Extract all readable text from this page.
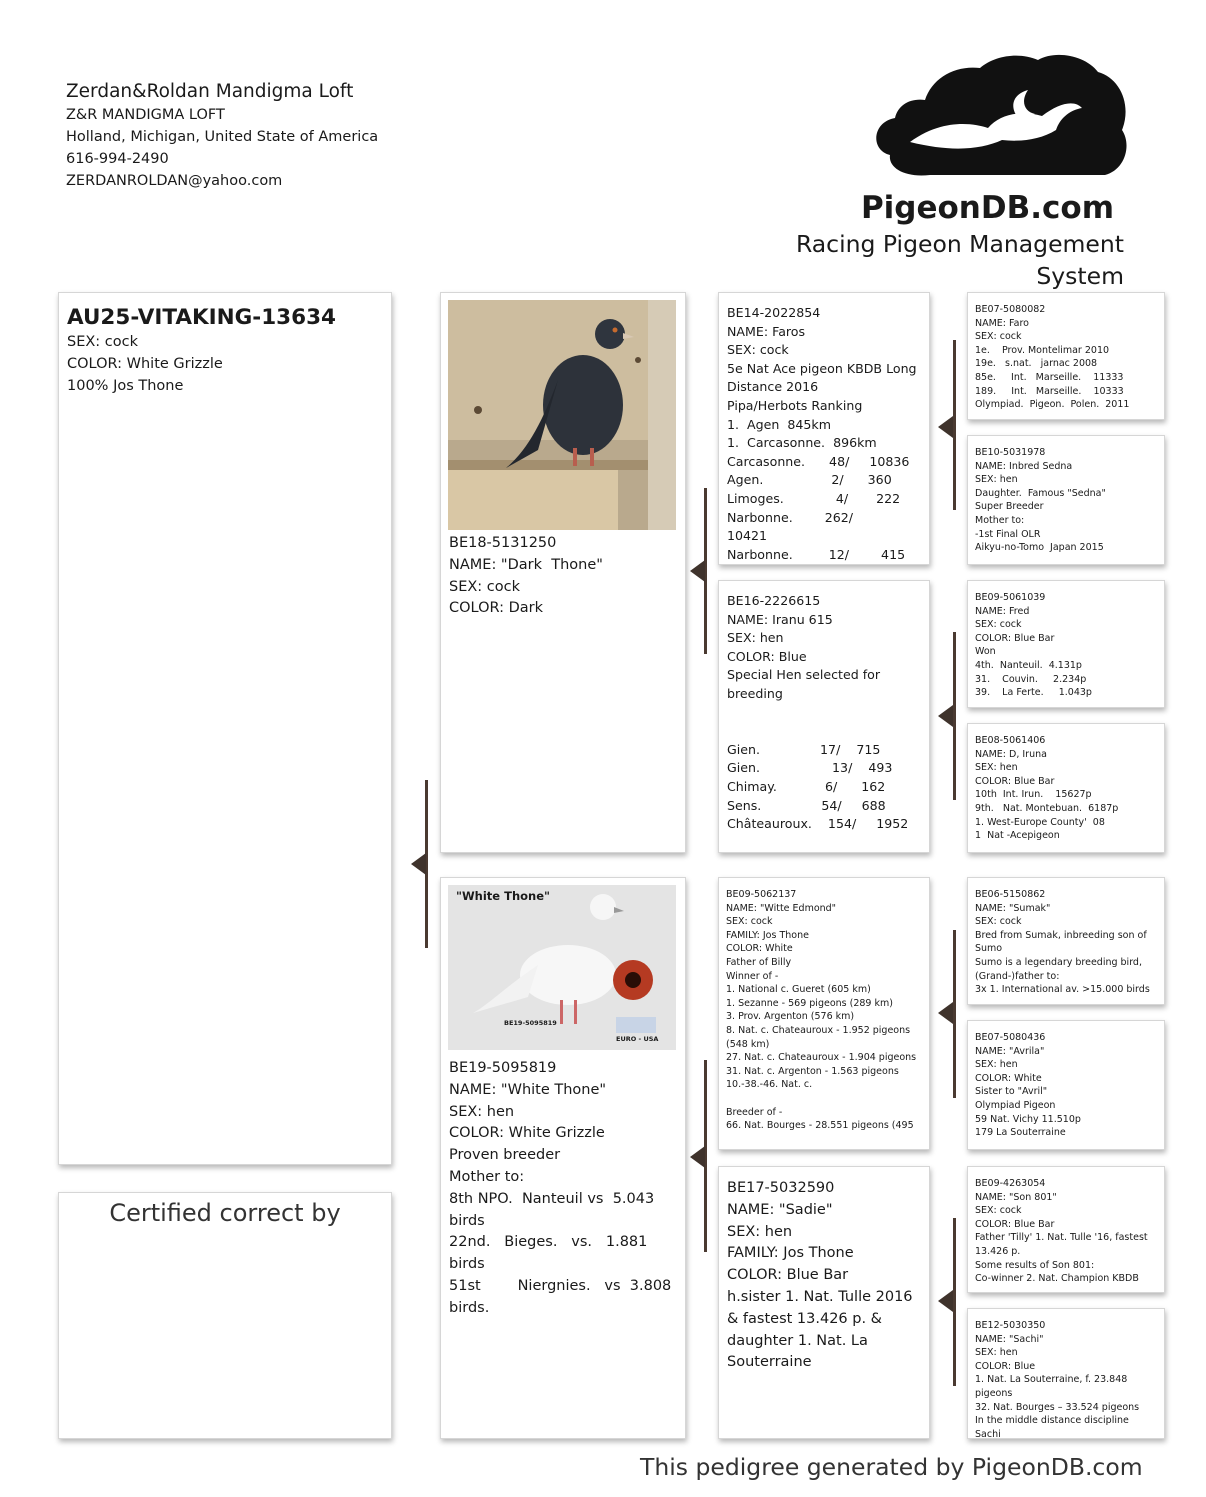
Zerdan&Roldan Mandigma Loft
Z&R MANDIGMA LOFT
Holland, Michigan, United State of America
616-994-2490
ZERDANROLDAN@yahoo.com
PigeonDB.com
Racing Pigeon Management System
AU25-VITAKING-13634
SEX: cock
COLOR: White Grizzle
100% Jos Thone
Certified correct by
BE18-5131250
NAME: "Dark  Thone"
SEX: cock
COLOR: Dark
"White Thone"
BE19-5095819
EURO - USA
BE19-5095819
NAME: "White Thone"
SEX: hen
COLOR: White Grizzle
Proven breeder
Mother to:
8th NPO.  Nanteuil vs  5.043
birds
22nd.   Bieges.   vs.   1.881
birds
51st        Niergnies.   vs  3.808
birds.
BE14-2022854
NAME: Faros
SEX: cock
5e Nat Ace pigeon KBDB Long
Distance 2016
Pipa/Herbots Ranking
1.  Agen  845km
1.  Carcasonne.  896km
Carcasonne.      48/     10836
Agen.                 2/      360
Limoges.             4/       222
Narbonne.        262/
10421
Narbonne.         12/        415
BE16-2226615
NAME: Iranu 615
SEX: hen
COLOR: Blue
Special Hen selected for
breeding

Gien.               17/    715
Gien.                  13/    493
Chimay.            6/      162
Sens.               54/     688
Châteauroux.    154/     1952
BE09-5062137
NAME: "Witte Edmond"
SEX: cock
FAMILY: Jos Thone
COLOR: White
Father of Billy
Winner of -
1. National c. Gueret (605 km)
1. Sezanne - 569 pigeons (289 km)
3. Prov. Argenton (576 km)
8. Nat. c. Chateauroux - 1.952 pigeons
(548 km)
27. Nat. c. Chateauroux - 1.904 pigeons
31. Nat. c. Argenton - 1.563 pigeons
10.-38.-46. Nat. c.

Breeder of -
66. Nat. Bourges - 28.551 pigeons (495
BE17-5032590
NAME: "Sadie"
SEX: hen
FAMILY: Jos Thone
COLOR: Blue Bar
h.sister 1. Nat. Tulle 2016
& fastest 13.426 p. &
daughter 1. Nat. La
Souterraine
BE07-5080082
NAME: Faro
SEX: cock
1e.    Prov. Montelimar 2010
19e.   s.nat.   jarnac 2008
85e.     Int.   Marseille.    11333
189.     Int.   Marseille.    10333
Olympiad.  Pigeon.  Polen.  2011
BE10-5031978
NAME: Inbred Sedna
SEX: hen
Daughter.  Famous "Sedna"
Super Breeder
Mother to:
-1st Final OLR
Aikyu-no-Tomo  Japan 2015
BE09-5061039
NAME: Fred
SEX: cock
COLOR: Blue Bar
Won
4th.  Nanteuil.  4.131p
31.    Couvin.     2.234p
39.    La Ferte.     1.043p
BE08-5061406
NAME: D, Iruna
SEX: hen
COLOR: Blue Bar
10th  Int. Irun.    15627p
9th.   Nat. Montebuan.  6187p
1. West-Europe County'  08
1  Nat -Acepigeon
BE06-5150862
NAME: "Sumak"
SEX: cock
Bred from Sumak, inbreeding son of
Sumo
Sumo is a legendary breeding bird,
(Grand-)father to:
3x 1. International av. >15.000 birds
BE07-5080436
NAME: "Avrila"
SEX: hen
COLOR: White
Sister to "Avril"
Olympiad Pigeon
59 Nat. Vichy 11.510p
179 La Souterraine
BE09-4263054
NAME: "Son 801"
SEX: cock
COLOR: Blue Bar
Father 'Tilly' 1. Nat. Tulle '16, fastest
13.426 p.
Some results of Son 801:
Co-winner 2. Nat. Champion KBDB
BE12-5030350
NAME: "Sachi"
SEX: hen
COLOR: Blue
1. Nat. La Souterraine, f. 23.848
pigeons
32. Nat. Bourges – 33.524 pigeons
In the middle distance discipline Sachi
This pedigree generated by PigeonDB.com
